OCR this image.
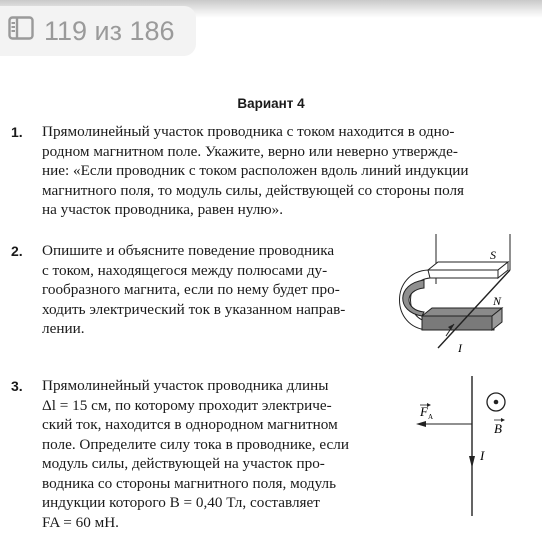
119 из 186
Вариант 4
1. Прямолинейный участок проводника с током находится в одно-
родном магнитном поле. Укажите, верно или неверно утвержде-
ние: «Если проводник с током расположен вдоль линий индукции
магнитного поля, то модуль силы, действующей со стороны поля
на участок проводника, равен нулю».
2. Опишите и объясните поведение проводника
с током, находящегося между полюсами ду-
гообразного магнита, если по нему будет про-
ходить электрический ток в указанном направ-
лении.
S
N
I
3. Прямолинейный участок проводника длины
Δl = 15 см, по которому проходит электриче-
ский ток, находится в однородном магнитном
поле. Определите силу тока в проводнике, если
модуль силы, действующей на участок про-
водника со стороны магнитного поля, модуль
индукции которого B = 0,40 Тл, составляет
FA = 60 мН.
F A
B
I
